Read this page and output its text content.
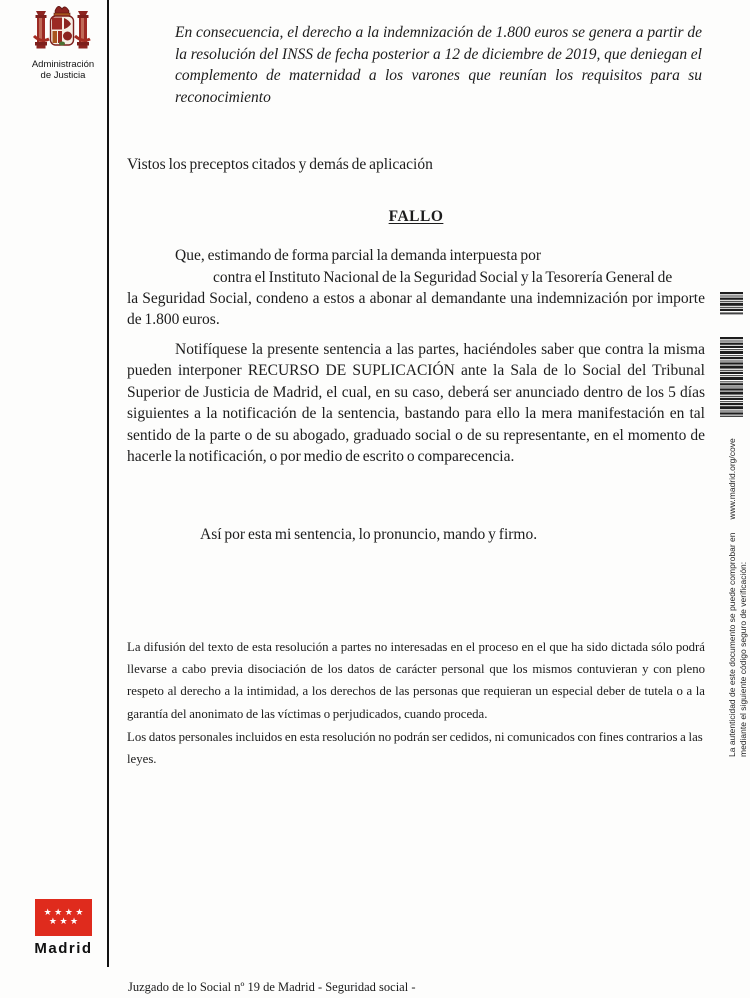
Administración
de Justicia
★★★★
★★★
Madrid
En consecuencia, el derecho a la indemnización de 1.800 euros se genera a partir de la resolución del INSS de fecha posterior a 12 de diciembre de 2019, que deniegan el complemento de maternidad a los varones que reunían los requisitos para su reconocimiento
Vistos los preceptos citados y demás de aplicación
FALLO
Que, estimando de forma parcial la demanda interpuesta por
contra el Instituto Nacional de la Seguridad Social y la Tesorería General de
la Seguridad Social, condeno a estos a abonar al demandante una indemnización por importe de 1.800 euros.
Notifíquese la presente sentencia a las partes, haciéndoles saber que contra la misma pueden interponer RECURSO DE SUPLICACIÓN ante la Sala de lo Social del Tribunal Superior de Justicia de Madrid, el cual, en su caso, deberá ser anunciado dentro de los 5 días siguientes a la notificación de la sentencia, bastando para ello la mera manifestación en tal sentido de la parte o de su abogado, graduado social o de su representante, en el momento de hacerle la notificación, o por medio de escrito o comparecencia.
Así por esta mi sentencia, lo pronuncio, mando y firmo.
La difusión del texto de esta resolución a partes no interesadas en el proceso en el que ha sido dictada sólo podrá llevarse a cabo previa disociación de los datos de carácter personal que los mismos contuvieran y con pleno respeto al derecho a la intimidad, a los derechos de las personas que requieran un especial deber de tutela o a la garantía del anonimato de las víctimas o perjudicados, cuando proceda.
Los datos personales incluidos en esta resolución no podrán ser cedidos, ni comunicados con fines contrarios a las leyes.
Juzgado de lo Social nº 19 de Madrid - Seguridad social -
La autenticidad de este documento se puede comprobar enwww.madrid.org/cove
mediante el siguiente código seguro de verificación:
